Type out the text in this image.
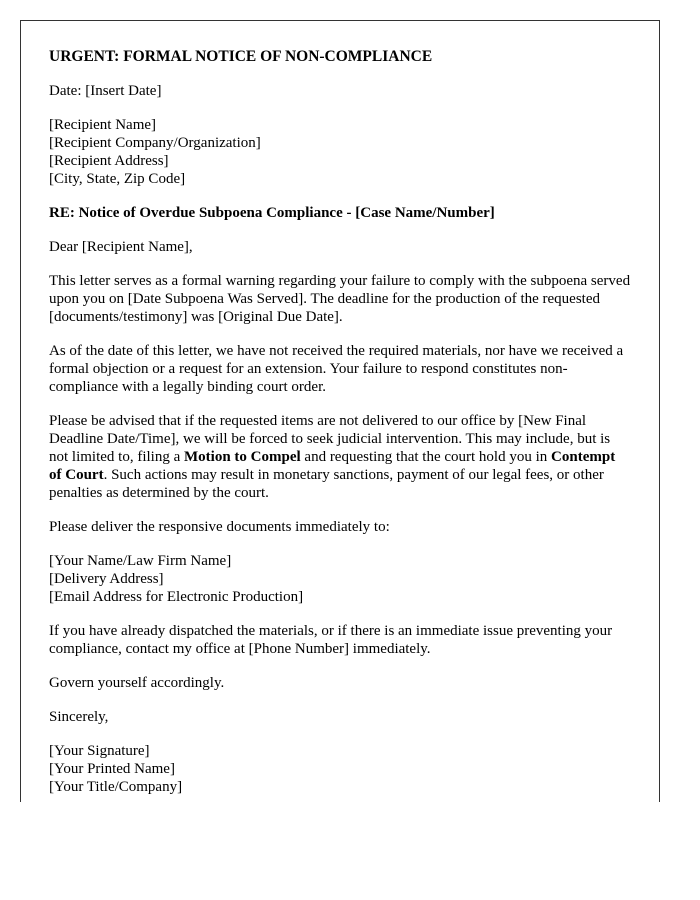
URGENT: FORMAL NOTICE OF NON-COMPLIANCE

Date: [Insert Date]

[Recipient Name]
[Recipient Company/Organization]
[Recipient Address]
[City, State, Zip Code]

RE: Notice of Overdue Subpoena Compliance - [Case Name/Number]

Dear [Recipient Name],

This letter serves as a formal warning regarding your failure to comply with the subpoena served upon you on [Date Subpoena Was Served]. The deadline for the production of the requested [documents/testimony] was [Original Due Date].

As of the date of this letter, we have not received the required materials, nor have we received a formal objection or a request for an extension. Your failure to respond constitutes non-compliance with a legally binding court order.

Please be advised that if the requested items are not delivered to our office by [New Final Deadline Date/Time], we will be forced to seek judicial intervention. This may include, but is not limited to, filing a Motion to Compel and requesting that the court hold you in Contempt of Court. Such actions may result in monetary sanctions, payment of our legal fees, or other penalties as determined by the court.

Please deliver the responsive documents immediately to:

[Your Name/Law Firm Name]
[Delivery Address]
[Email Address for Electronic Production]

If you have already dispatched the materials, or if there is an immediate issue preventing your compliance, contact my office at [Phone Number] immediately.

Govern yourself accordingly.

Sincerely,

[Your Signature]
[Your Printed Name]
[Your Title/Company]
